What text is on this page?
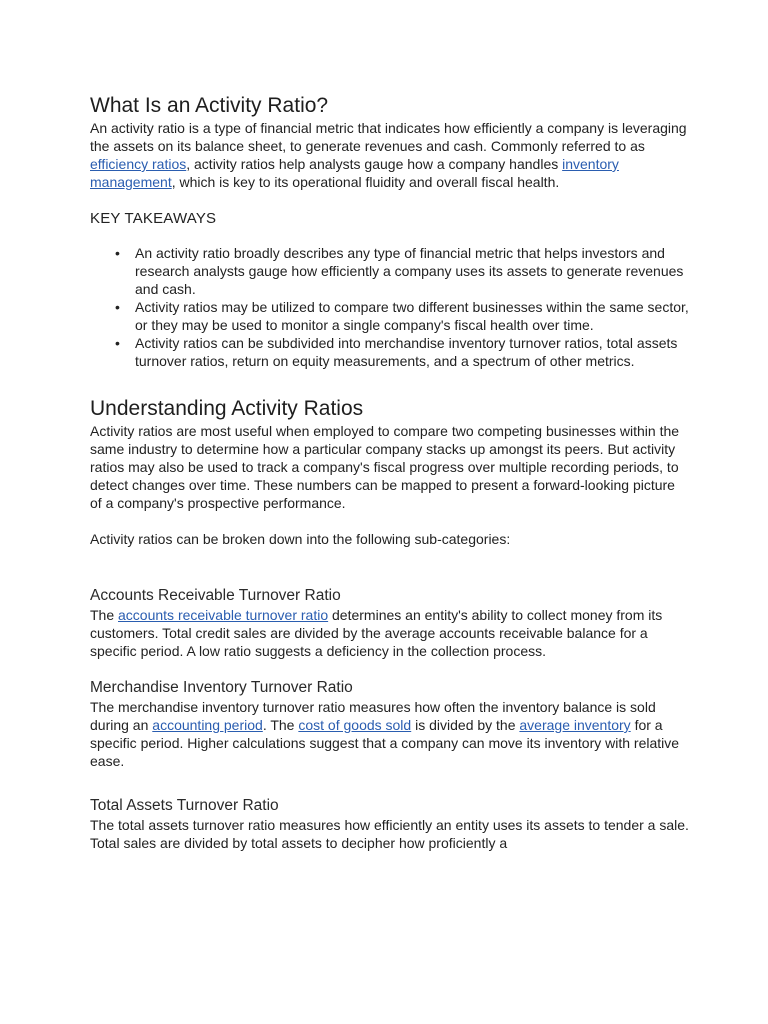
What Is an Activity Ratio?

An activity ratio is a type of financial metric that indicates how efficiently a company is leveraging the assets on its balance sheet, to generate revenues and cash. Commonly referred to as efficiency ratios, activity ratios help analysts gauge how a company handles inventory management, which is key to its operational fluidity and overall fiscal health.

KEY TAKEAWAYS
• An activity ratio broadly describes any type of financial metric that helps investors and research analysts gauge how efficiently a company uses its assets to generate revenues and cash.
• Activity ratios may be utilized to compare two different businesses within the same sector, or they may be used to monitor a single company's fiscal health over time.
• Activity ratios can be subdivided into merchandise inventory turnover ratios, total assets turnover ratios, return on equity measurements, and a spectrum of other metrics.
Understanding Activity Ratios

Activity ratios are most useful when employed to compare two competing businesses within the same industry to determine how a particular company stacks up amongst its peers. But activity ratios may also be used to track a company's fiscal progress over multiple recording periods, to detect changes over time. These numbers can be mapped to present a forward-looking picture of a company's prospective performance.

Activity ratios can be broken down into the following sub-categories:

Accounts Receivable Turnover Ratio

The accounts receivable turnover ratio determines an entity's ability to collect money from its customers. Total credit sales are divided by the average accounts receivable balance for a specific period. A low ratio suggests a deficiency in the collection process.

Merchandise Inventory Turnover Ratio

The merchandise inventory turnover ratio measures how often the inventory balance is sold during an accounting period. The cost of goods sold is divided by the average inventory for a specific period. Higher calculations suggest that a company can move its inventory with relative ease.

Total Assets Turnover Ratio

The total assets turnover ratio measures how efficiently an entity uses its assets to tender a sale. Total sales are divided by total assets to decipher how proficiently a
